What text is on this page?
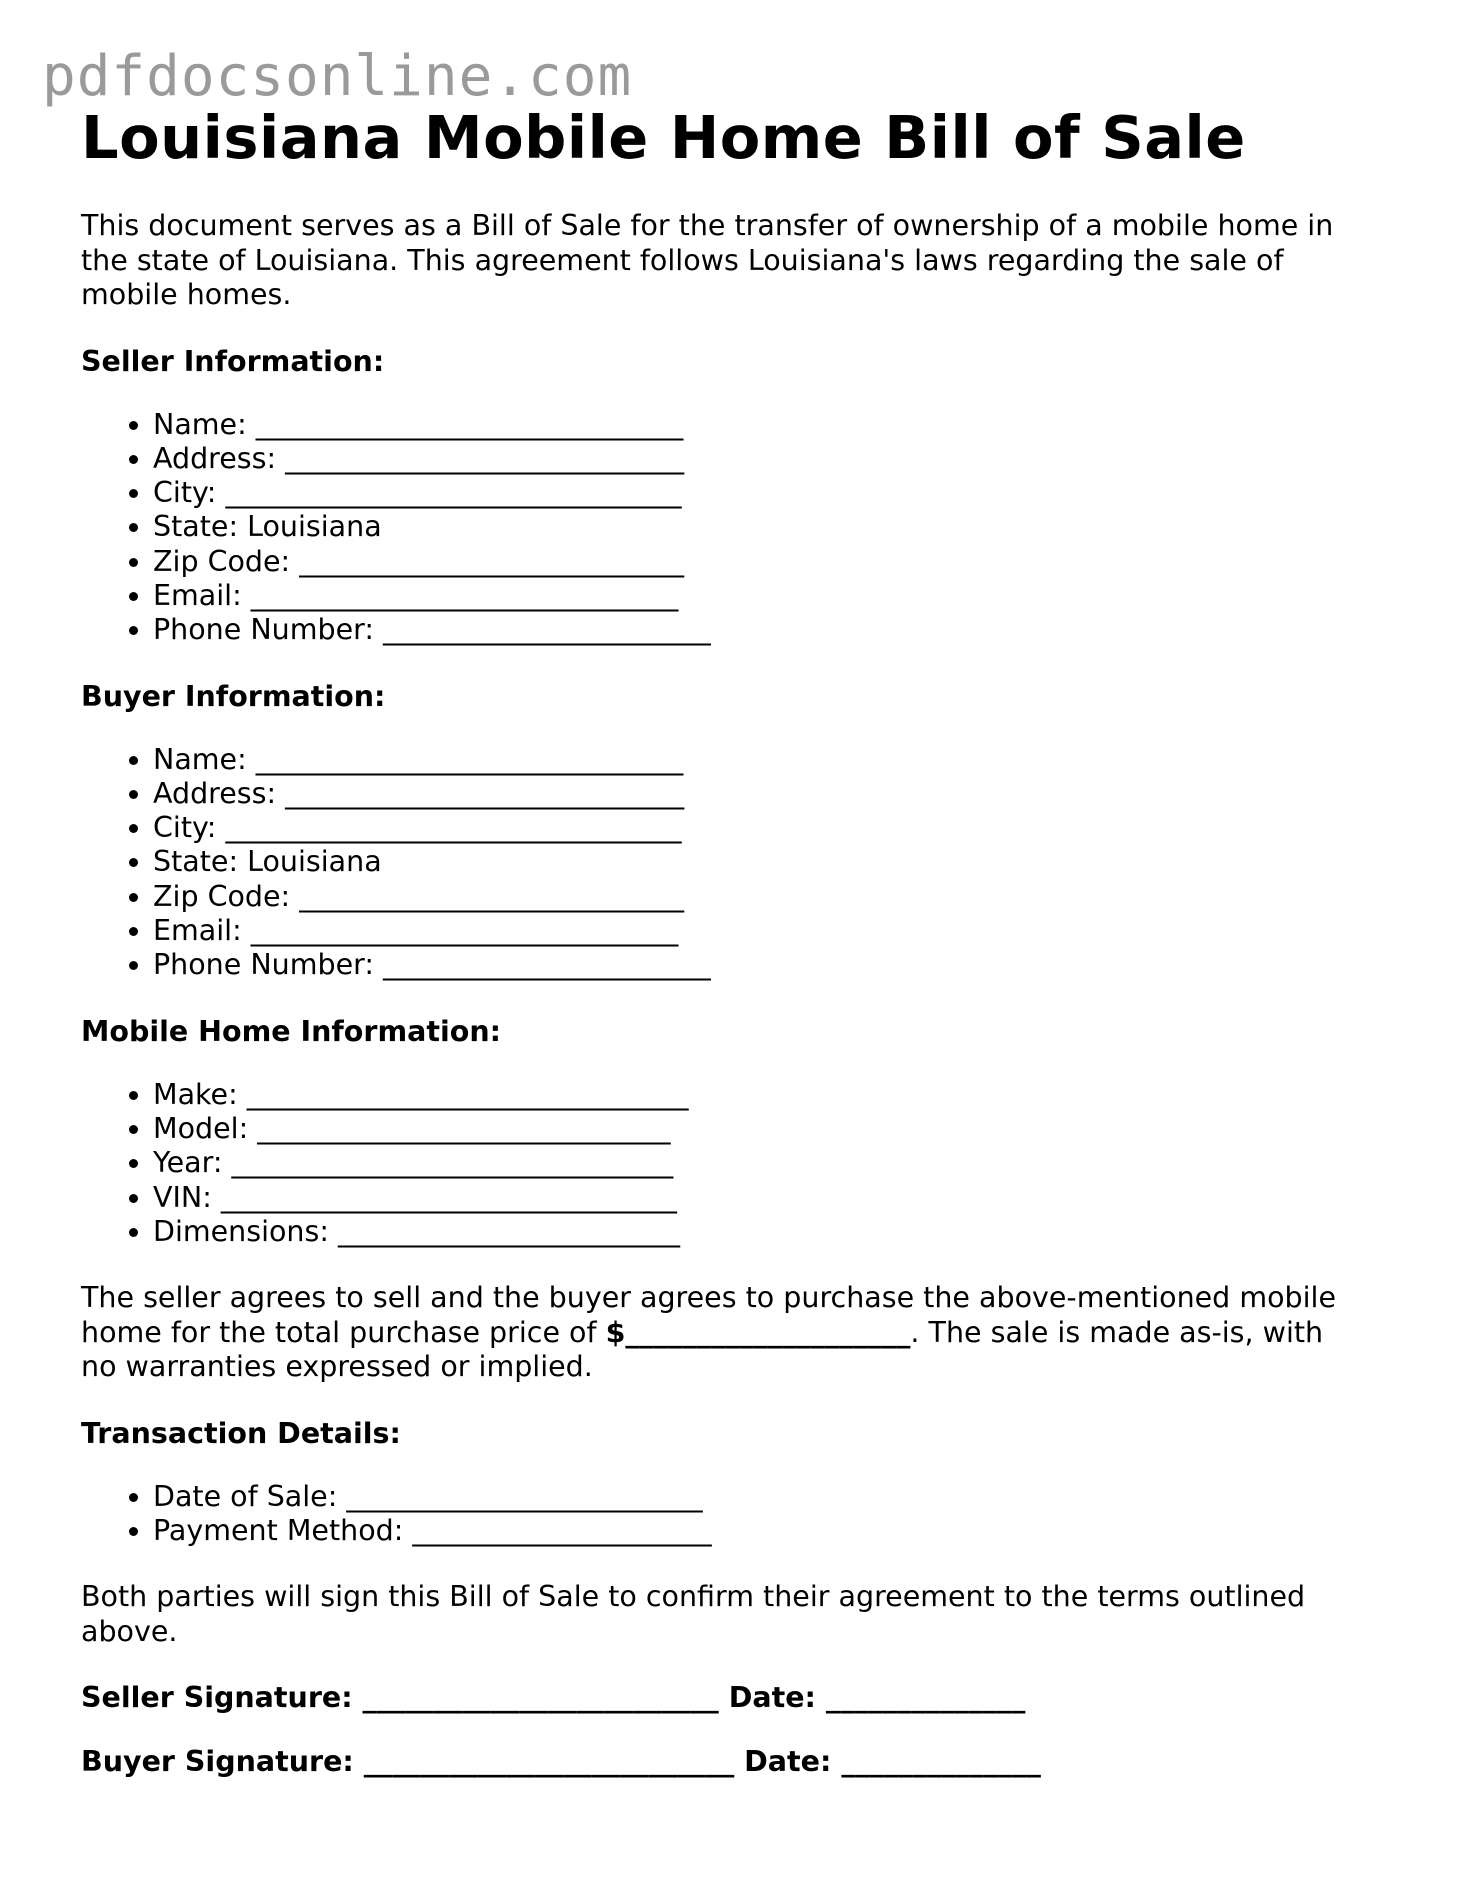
pdfdocsonline.com
Louisiana Mobile Home Bill of Sale

This document serves as a Bill of Sale for the transfer of ownership of a mobile home in
the state of Louisiana. This agreement follows Louisiana's laws regarding the sale of
mobile homes.

Seller Information:
• Name: ______________________________
• Address: ____________________________
• City: ________________________________
• State: Louisiana
• Zip Code: ___________________________
• Email: ______________________________
• Phone Number: _______________________
Buyer Information:
• Name: ______________________________
• Address: ____________________________
• City: ________________________________
• State: Louisiana
• Zip Code: ___________________________
• Email: ______________________________
• Phone Number: _______________________
Mobile Home Information:
• Make: _______________________________
• Model: _____________________________
• Year: _______________________________
• VIN: ________________________________
• Dimensions: ________________________

The seller agrees to sell and the buyer agrees to purchase the above-mentioned mobile
home for the total purchase price of $____________________. The sale is made as-is, with
no warranties expressed or implied.

Transaction Details:
• Date of Sale: _________________________
• Payment Method: _____________________

Both parties will sign this Bill of Sale to confirm their agreement to the terms outlined
above.

Seller Signature: _________________________ Date: ______________
Buyer Signature: __________________________ Date: ______________
